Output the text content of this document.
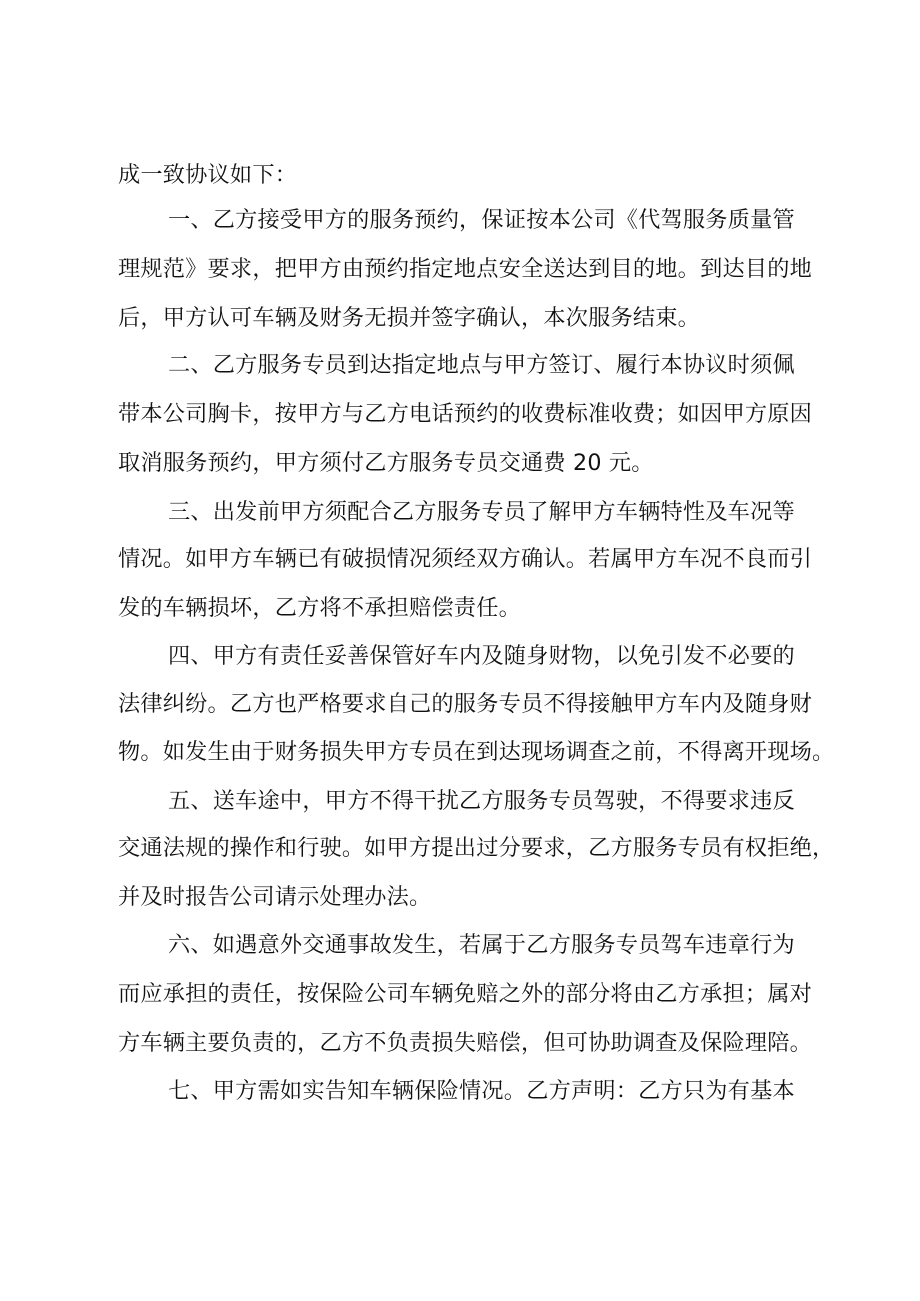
成一致协议如下：
一、乙方接受甲方的服务预约，保证按本公司《代驾服务质量管
理规范》要求，把甲方由预约指定地点安全送达到目的地。到达目的地
后，甲方认可车辆及财务无损并签字确认，本次服务结束。
二、乙方服务专员到达指定地点与甲方签订、履行本协议时须佩
带本公司胸卡，按甲方与乙方电话预约的收费标准收费；如因甲方原因
取消服务预约，甲方须付乙方服务专员交通费 20 元。
三、出发前甲方须配合乙方服务专员了解甲方车辆特性及车况等
情况。如甲方车辆已有破损情况须经双方确认。若属甲方车况不良而引
发的车辆损坏，乙方将不承担赔偿责任。
四、甲方有责任妥善保管好车内及随身财物，以免引发不必要的
法律纠纷。乙方也严格要求自己的服务专员不得接触甲方车内及随身财
物。如发生由于财务损失甲方专员在到达现场调查之前，不得离开现场。
五、送车途中，甲方不得干扰乙方服务专员驾驶，不得要求违反
交通法规的操作和行驶。如甲方提出过分要求，乙方服务专员有权拒绝，
并及时报告公司请示处理办法。
六、如遇意外交通事故发生，若属于乙方服务专员驾车违章行为
而应承担的责任，按保险公司车辆免赔之外的部分将由乙方承担；属对
方车辆主要负责的，乙方不负责损失赔偿，但可协助调查及保险理陪。
七、甲方需如实告知车辆保险情况。乙方声明：乙方只为有基本
